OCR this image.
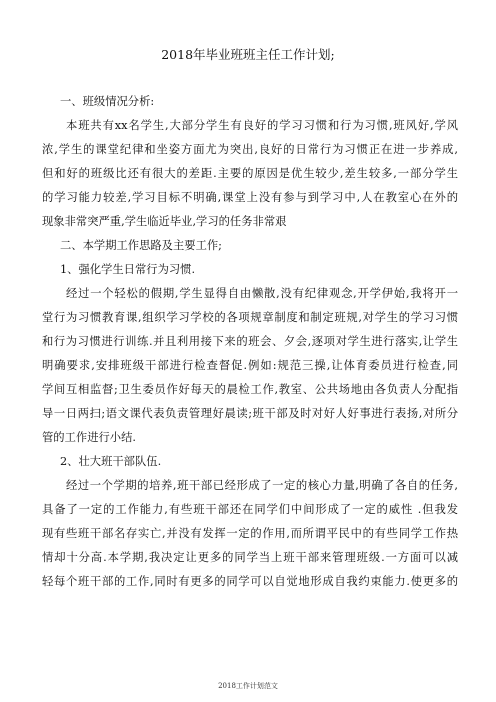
2018年毕业班班主任工作计划;
一、班级情况分析:
本班共有xx名学生,大部分学生有良好的学习习惯和行为习惯,班风好,学风
浓,学生的课堂纪律和坐姿方面尤为突出,良好的日常行为习惯正在进一步养成,
但和好的班级比还有很大的差距.主要的原因是优生较少,差生较多,一部分学生
的学习能力较差,学习目标不明确,课堂上没有参与到学习中,人在教室心在外的
现象非常突严重,学生临近毕业,学习的任务非常艰
二、本学期工作思路及主要工作;
1、强化学生日常行为习惯.
经过一个轻松的假期,学生显得自由懒散,没有纪律观念,开学伊始,我将开一
堂行为习惯教育课,组织学习学校的各项规章制度和制定班规,对学生的学习习惯
和行为习惯进行训练.并且利用接下来的班会、夕会,逐项对学生进行落实,让学生
明确要求,安排班级干部进行检查督促.例如:规范三操,让体育委员进行检查,同
学间互相监督;卫生委员作好每天的晨检工作,教室、公共场地由各负责人分配指
导一日两扫;语文课代表负责管理好晨读;班干部及时对好人好事进行表扬,对所分
管的工作进行小结.
2、壮大班干部队伍.
经过一个学期的培养,班干部已经形成了一定的核心力量,明确了各自的任务,
具备了一定的工作能力,有些班干部还在同学们中间形成了一定的威性 .但我发
现有些班干部名存实亡,并没有发挥一定的作用,而所谓平民中的有些同学工作热
情却十分高.本学期,我决定让更多的同学当上班干部来管理班级.一方面可以减
轻每个班干部的工作,同时有更多的同学可以自觉地形成自我约束能力.使更多的
2018工作计划范文
